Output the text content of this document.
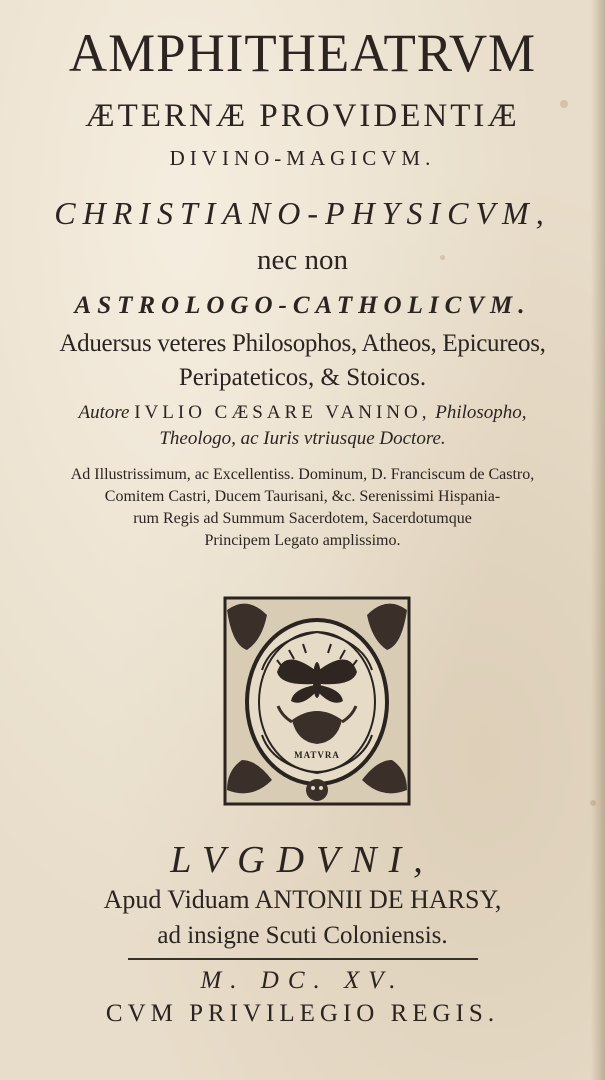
AMPHITHEATRVM
ÆTERNÆ PROVIDENTIÆ
DIVINO-MAGICVM.
CHRISTIANO-PHYSICVM,
nec non
ASTROLOGO-CATHOLICVM.
Aduersus veteres Philosophos, Atheos, Epicureos,
Peripateticos, & Stoicos.
Autore IVLIO CÆSARE VANINO, Philosopho,
Theologo, ac Iuris vtriusque Doctore.
Ad Illustrissimum, ac Excellentiss. Dominum, D. Franciscum de Castro,
Comitem Castri, Ducem Taurisani, &c. Serenissimi Hispania-
rum Regis ad Summum Sacerdotem, Sacerdotumque
Principem Legato amplissimo.
MATVRA
LVGDVNI,
Apud Viduam ANTONII DE HARSY,
ad insigne Scuti Coloniensis.
M. DC. XV.
CVM PRIVILEGIO REGIS.
